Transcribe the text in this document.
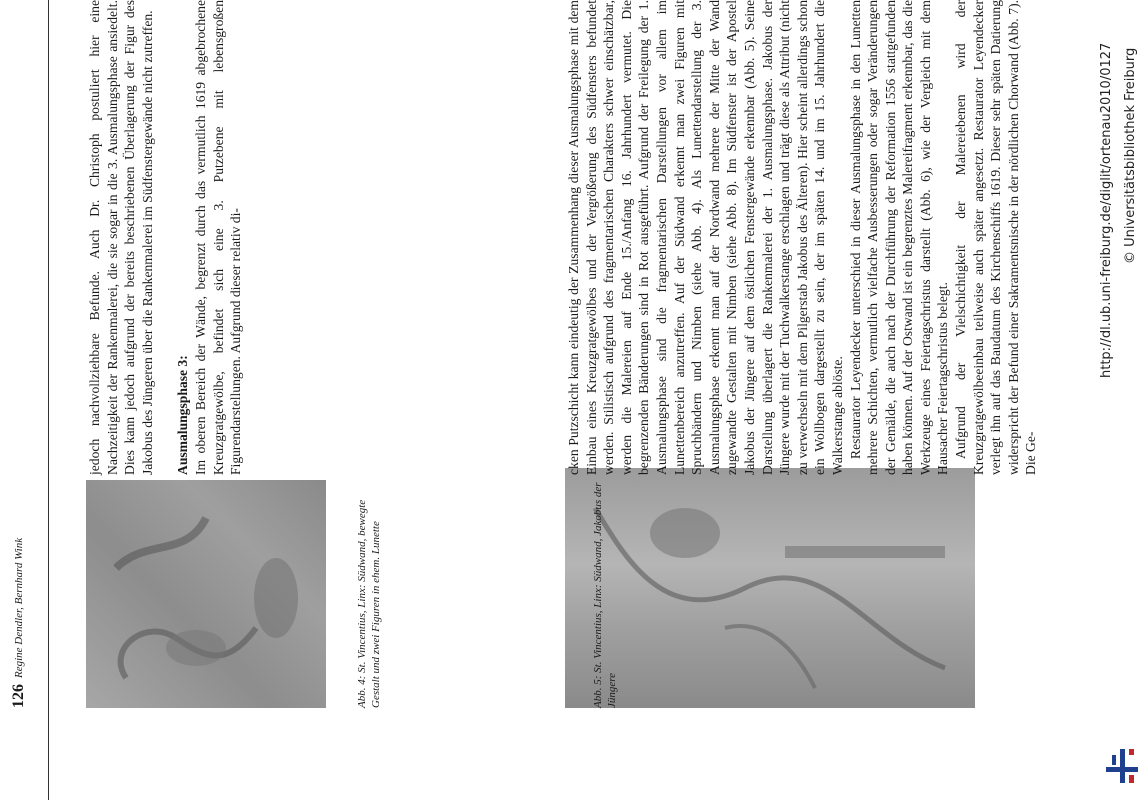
126
Regine Dendler, Bernhard Wink	Abb. 4: St. Vincentius, Linx: Südwand, bewegte Gestalt und zwei Figuren in ehem. Lunette	Abb. 5: St. Vincentius, Linx: Südwand, Jakobus der Jüngere

jedoch nachvollziehbare Befunde. Auch Dr. Christoph postuliert hier eine Nachzeitigkeit der Rankenmalerei, die sie sogar in die 3. Ausmalungsphase ansiedelt. Dies kann jedoch aufgrund der bereits beschriebenen Überlagerung der Figur des Jakobus des Jüngeren über die Rankenmalerei im Südfenstergewände nicht zutreffen. Ausmalungsphase 3: Im oberen Bereich der Wände, begrenzt durch das vermutlich 1619 abgebrochene Kreuzgratgewölbe, befindet sich eine 3. Putzebene mit lebensgroßen Figurendarstellungen. Aufgrund dieser relativ di-	cken Putzschicht kann eindeutig der Zusammenhang dieser Ausmalungsphase mit dem Einbau eines Kreuzgratgewölbes und der Vergrößerung des Südfensters befundet werden. Stilistisch aufgrund des fragmentarischen Charakters schwer einschätzbar, werden die Malereien auf Ende 15./Anfang 16. Jahrhundert vermutet. Die begrenzenden Bänderungen sind in Rot ausgeführt. Aufgrund der Freilegung der 1. Ausmalungsphase sind die fragmentarischen Darstellungen vor allem im Lunettenbereich anzutreffen. Auf der Südwand erkennt man zwei Figuren mit Spruchbändern und Nimben (siehe Abb. 4). Als Lunettendarstellung der 3. Ausmalungsphase erkennt man auf der Nordwand mehrere der Mitte der Wand zugewandte Gestalten mit Nimben (siehe Abb. 8). Im Südfenster ist der Apostel Jakobus der Jüngere auf dem östlichen Fenstergewände erkennbar (Abb. 5). Seine Darstellung überlagert die Rankenmalerei der 1. Ausmalungsphase. Jakobus der Jüngere wurde mit der Tuchwalkerstange erschlagen und trägt diese als Attribut (nicht zu verwechseln mit dem Pilgerstab Jakobus des Älteren). Hier scheint allerdings schon ein Wollbogen dargestellt zu sein, der im späten 14. und im 15. Jahrhundert die Walkerstange ablöste. Restaurator Leyendecker unterschied in dieser Ausmalungsphase in den Lunetten mehrere Schichten, vermutlich vielfache Ausbesserungen oder sogar Veränderungen der Gemälde, die auch nach der Durchführung der Reformation 1556 stattgefunden haben können. Auf der Ostwand ist ein begrenztes Malereifragment erkennbar, das die Werkzeuge eines Feiertagschristus darstellt (Abb. 6), wie der Vergleich mit dem Hausacher Feiertagschristus belegt. Aufgrund der Vielschichtigkeit der Malereiebenen wird der Kreuzgratgewölbeeinbau teilweise auch später angesetzt. Restaurator Leyendecker verlegt ihn auf das Baudatum des Kirchenschiffs 1619. Dieser sehr späten Datierung widerspricht der Befund einer Sakramentsnische in der nördlichen Chorwand (Abb. 7). Die Ge-

http://dl.ub.uni-freiburg.de/diglit/ortenau2010/0127 © Universitätsbibliothek Freiburg
